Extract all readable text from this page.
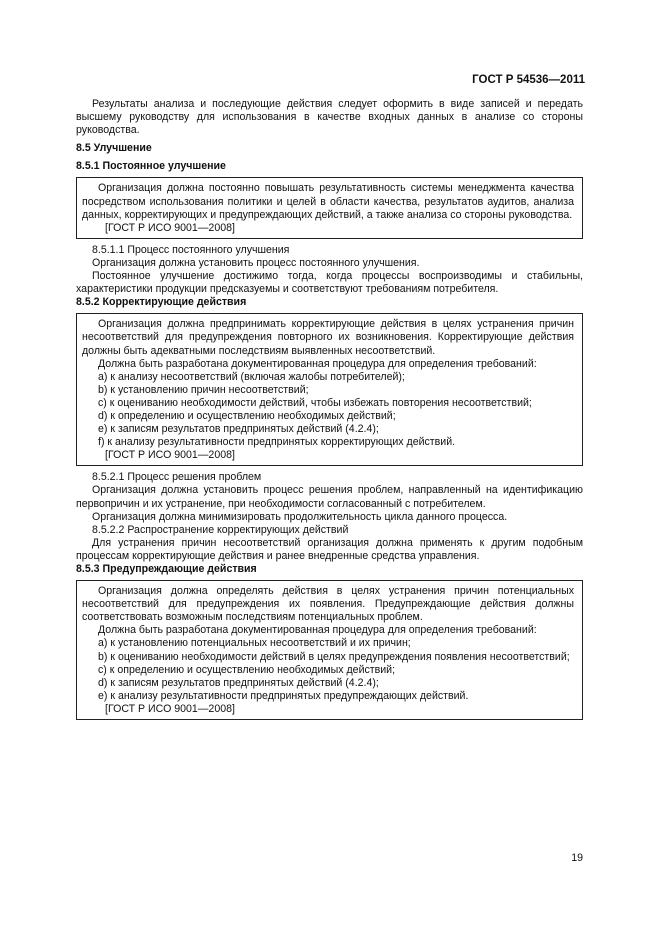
ГОСТ Р 54536—2011

Результаты анализа и последующие действия следует оформить в виде записей и передать высшему руководству для использования в качестве входных данных в анализе со стороны руководства.

8.5 Улучшение

8.5.1 Постоянное улучшение

Организация должна постоянно повышать результативность системы менеджмента качества посредством использования политики и целей в области качества, результатов аудитов, анализа данных, корректирующих и предупреждающих действий, а также анализа со стороны руководства.

[ГОСТ Р ИСО 9001—2008]

8.5.1.1 Процесс постоянного улучшения

Организация должна установить процесс постоянного улучшения.

Постоянное улучшение достижимо тогда, когда процессы воспроизводимы и стабильны, характеристики продукции предсказуемы и соответствуют требованиям потребителя.

8.5.2 Корректирующие действия

Организация должна предпринимать корректирующие действия в целях устранения причин несоответствий для предупреждения повторного их возникновения. Корректирующие действия должны быть адекватными последствиям выявленных несоответствий.

Должна быть разработана документированная процедура для определения требований:

a) к анализу несоответствий (включая жалобы потребителей);

b) к установлению причин несоответствий;

c) к оцениванию необходимости действий, чтобы избежать повторения несоответствий;

d) к определению и осуществлению необходимых действий;

e) к записям результатов предпринятых действий (4.2.4);

f) к анализу результативности предпринятых корректирующих действий.

[ГОСТ Р ИСО 9001—2008]

8.5.2.1 Процесс решения проблем

Организация должна установить процесс решения проблем, направленный на идентификацию первопричин и их устранение, при необходимости согласованный с потребителем.

Организация должна минимизировать продолжительность цикла данного процесса.

8.5.2.2 Распространение корректирующих действий

Для устранения причин несоответствий организация должна применять к другим подобным процессам корректирующие действия и ранее внедренные средства управления.

8.5.3 Предупреждающие действия

Организация должна определять действия в целях устранения причин потенциальных несоответствий для предупреждения их появления. Предупреждающие действия должны соответствовать возможным последствиям потенциальных проблем.

Должна быть разработана документированная процедура для определения требований:

a) к установлению потенциальных несоответствий и их причин;

b) к оцениванию необходимости действий в целях предупреждения появления несоответствий;

c) к определению и осуществлению необходимых действий;

d) к записям результатов предпринятых действий (4.2.4);

e) к анализу результативности предпринятых предупреждающих действий.

[ГОСТ Р ИСО 9001—2008]

19
